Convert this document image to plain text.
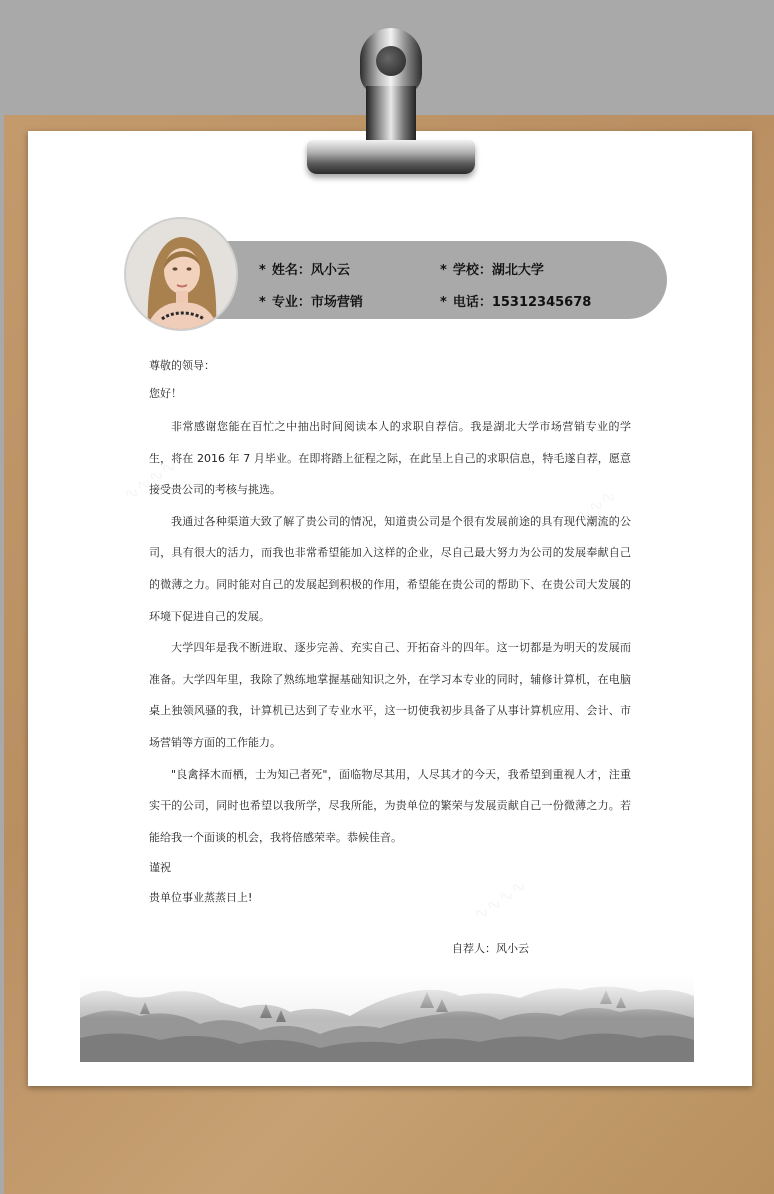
* 姓名：风小云	* 学校：湖北大学
* 专业：市场营销	* 电话：15312345678
尊敬的领导：
您好！

非常感谢您能在百忙之中抽出时间阅读本人的求职自荐信。我是湖北大学市场营销专业的学生，将在 2016 年 7 月毕业。在即将踏上征程之际，在此呈上自己的求职信息，特毛遂自荐，愿意接受贵公司的考核与挑选。

我通过各种渠道大致了解了贵公司的情况，知道贵公司是个很有发展前途的具有现代潮流的公司，具有很大的活力，而我也非常希望能加入这样的企业，尽自己最大努力为公司的发展奉献自己的微薄之力。同时能对自己的发展起到积极的作用，希望能在贵公司的帮助下、在贵公司大发展的环境下促进自己的发展。

大学四年是我不断进取、逐步完善、充实自己、开拓奋斗的四年。这一切都是为明天的发展而准备。大学四年里，我除了熟练地掌握基础知识之外，在学习本专业的同时，辅修计算机，在电脑桌上独领风骚的我，计算机已达到了专业水平，这一切使我初步具备了从事计算机应用、会计、市场营销等方面的工作能力。

"良禽择木而栖，士为知己者死"，面临物尽其用，人尽其才的今天，我希望到重视人才，注重实干的公司，同时也希望以我所学，尽我所能，为贵单位的繁荣与发展贡献自己一份微薄之力。若能给我一个面谈的机会，我将倍感荣幸。恭候佳音。

谨祝
贵单位事业蒸蒸日上!
自荐人：风小云
